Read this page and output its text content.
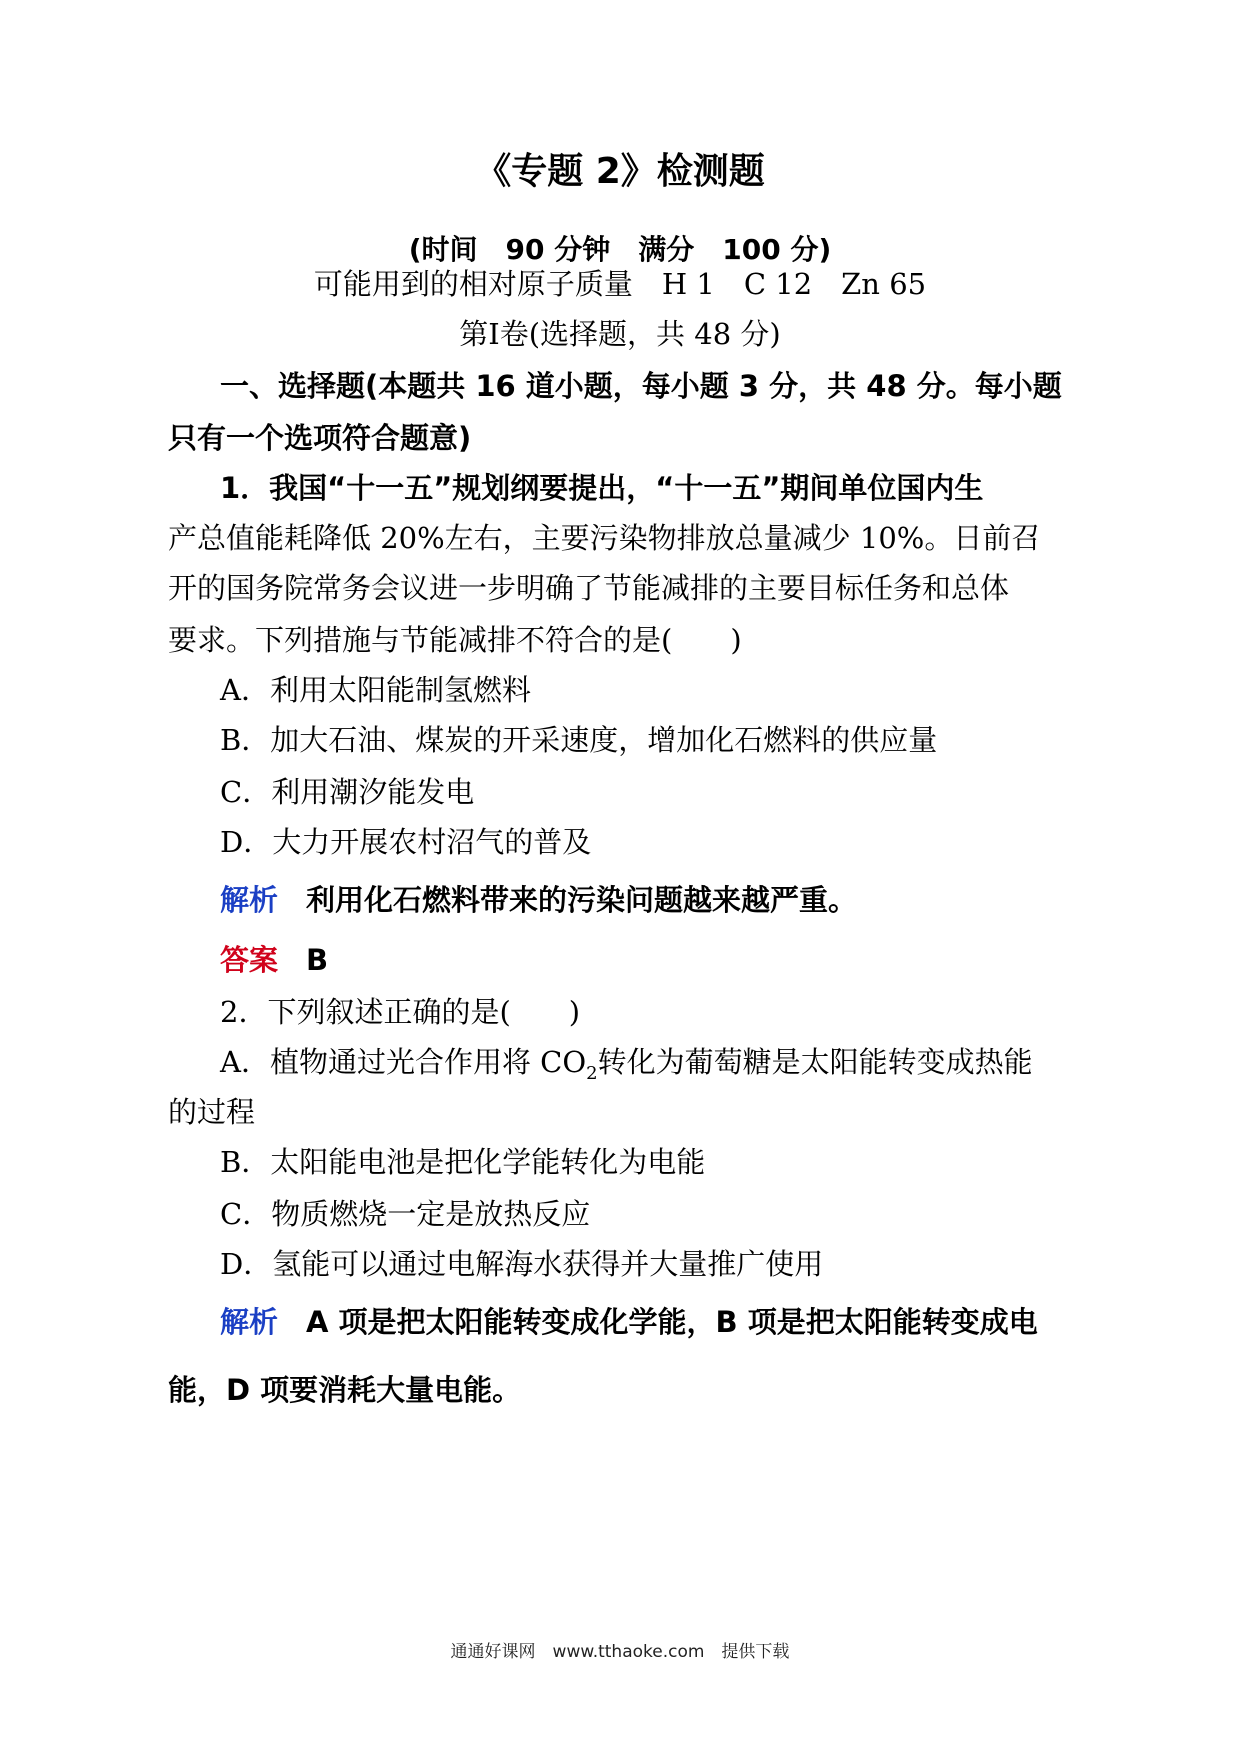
《专题 2》检测题
(时间　90 分钟　满分　100 分)
可能用到的相对原子质量　H 1　C 12　Zn 65
第Ⅰ卷(选择题，共 48 分)
一、选择题(本题共 16 道小题，每小题 3 分，共 48 分。每小题
只有一个选项符合题意)
1．我国“十一五”规划纲要提出，“十一五”期间单位国内生
产总值能耗降低 20%左右，主要污染物排放总量减少 10%。日前召
开的国务院常务会议进一步明确了节能减排的主要目标任务和总体
要求。下列措施与节能减排不符合的是(　　)
A．利用太阳能制氢燃料
B．加大石油、煤炭的开采速度，增加化石燃料的供应量
C．利用潮汐能发电
D．大力开展农村沼气的普及
解析 利用化石燃料带来的污染问题越来越严重。
答案 B
2．下列叙述正确的是(　　)
A．植物通过光合作用将 $CO_2$转化为葡萄糖是太阳能转变成热能
的过程
B．太阳能电池是把化学能转化为电能
C．物质燃烧一定是放热反应
D．氢能可以通过电解海水获得并大量推广使用
解析 A 项是把太阳能转变成化学能，B 项是把太阳能转变成电
能，D 项要消耗大量电能。
通通好课网　www.tthaoke.com　提供下载
